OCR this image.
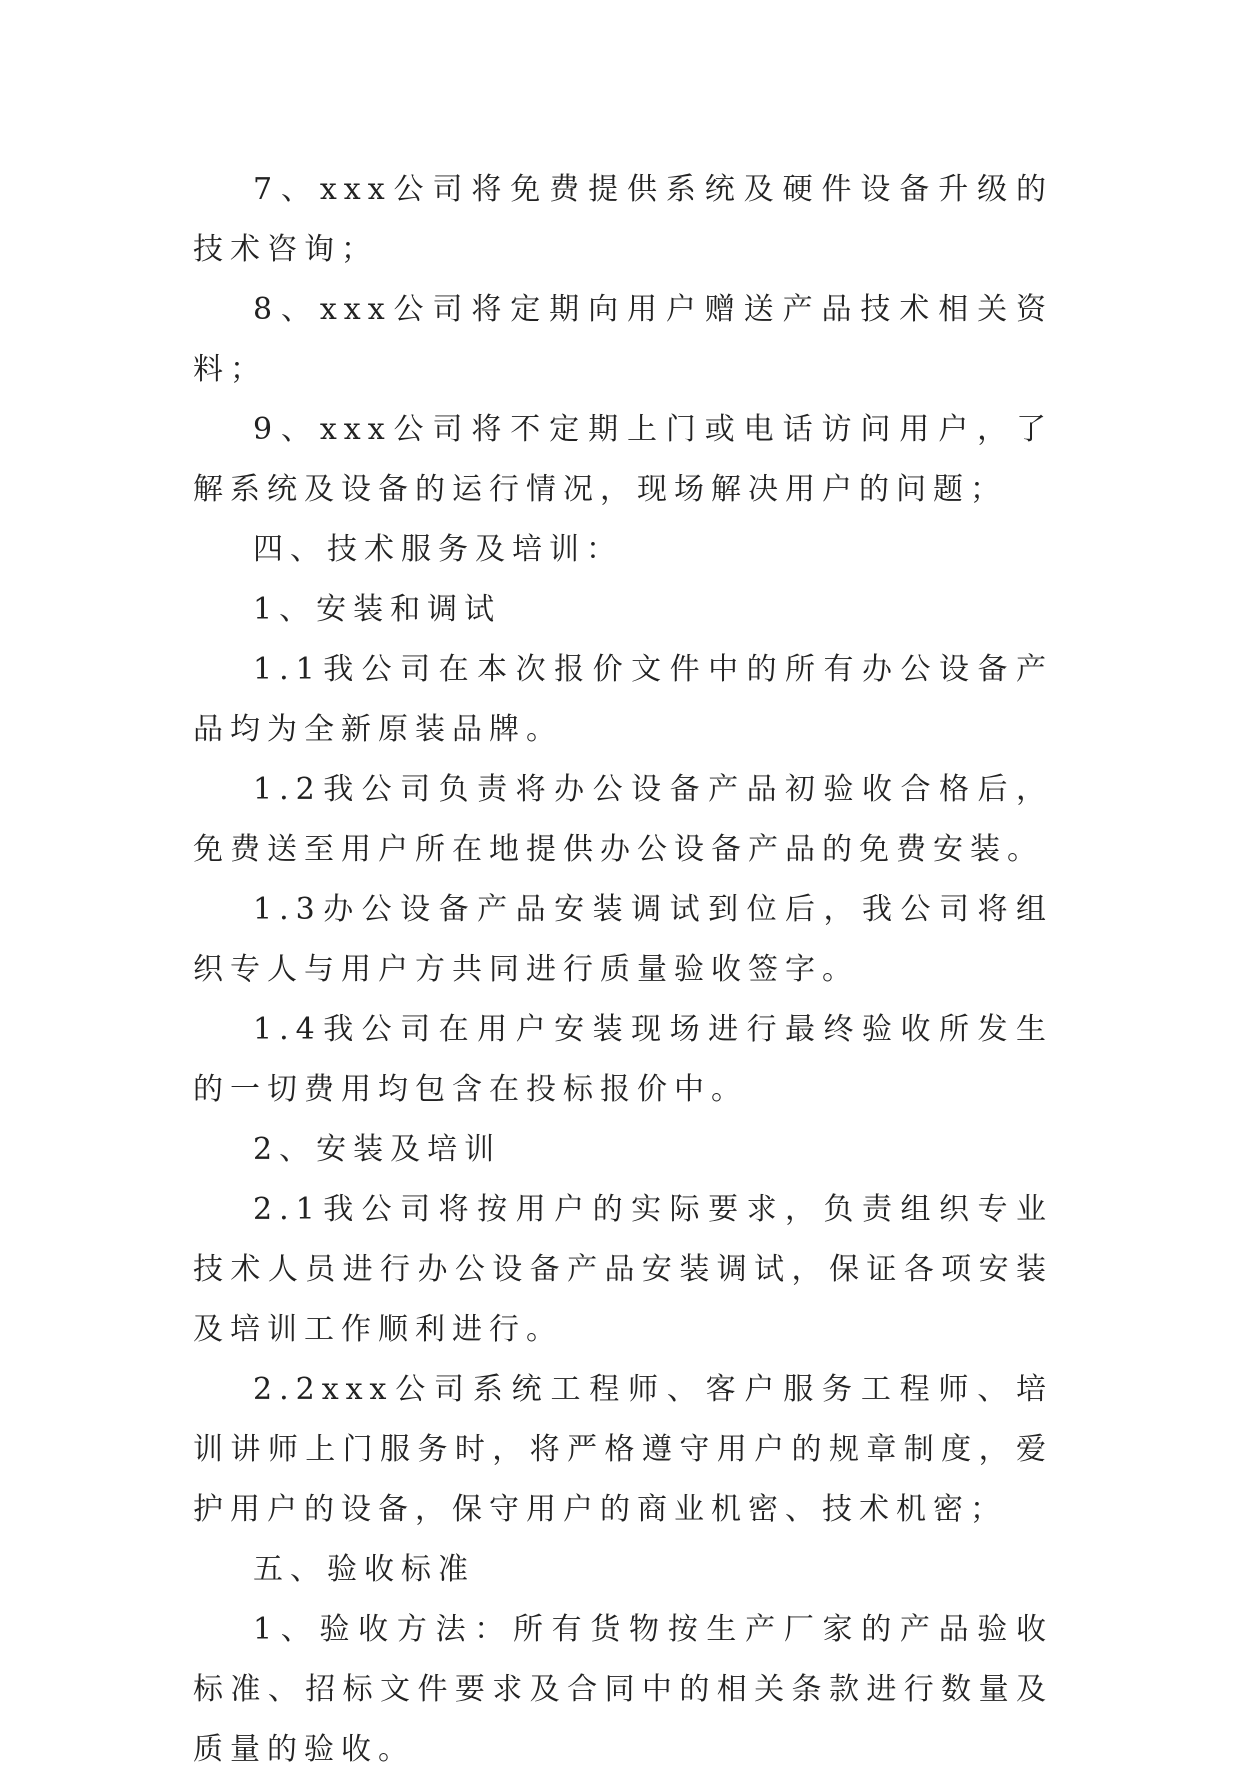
7、xxx公司将免费提供系统及硬件设备升级的技术咨询；

8、xxx公司将定期向用户赠送产品技术相关资料；

9、xxx公司将不定期上门或电话访问用户，了解系统及设备的运行情况，现场解决用户的问题；

四、技术服务及培训：

1、安装和调试

1.1我公司在本次报价文件中的所有办公设备产品均为全新原装品牌。

1.2我公司负责将办公设备产品初验收合格后，免费送至用户所在地提供办公设备产品的免费安装。

1.3办公设备产品安装调试到位后，我公司将组织专人与用户方共同进行质量验收签字。

1.4我公司在用户安装现场进行最终验收所发生的一切费用均包含在投标报价中。

2、安装及培训

2.1我公司将按用户的实际要求，负责组织专业技术人员进行办公设备产品安装调试，保证各项安装及培训工作顺利进行。

2.2xxx公司系统工程师、客户服务工程师、培训讲师上门服务时，将严格遵守用户的规章制度，爱护用户的设备，保守用户的商业机密、技术机密；

五、验收标准

1、验收方法：所有货物按生产厂家的产品验收标准、招标文件要求及合同中的相关条款进行数量及质量的验收。
